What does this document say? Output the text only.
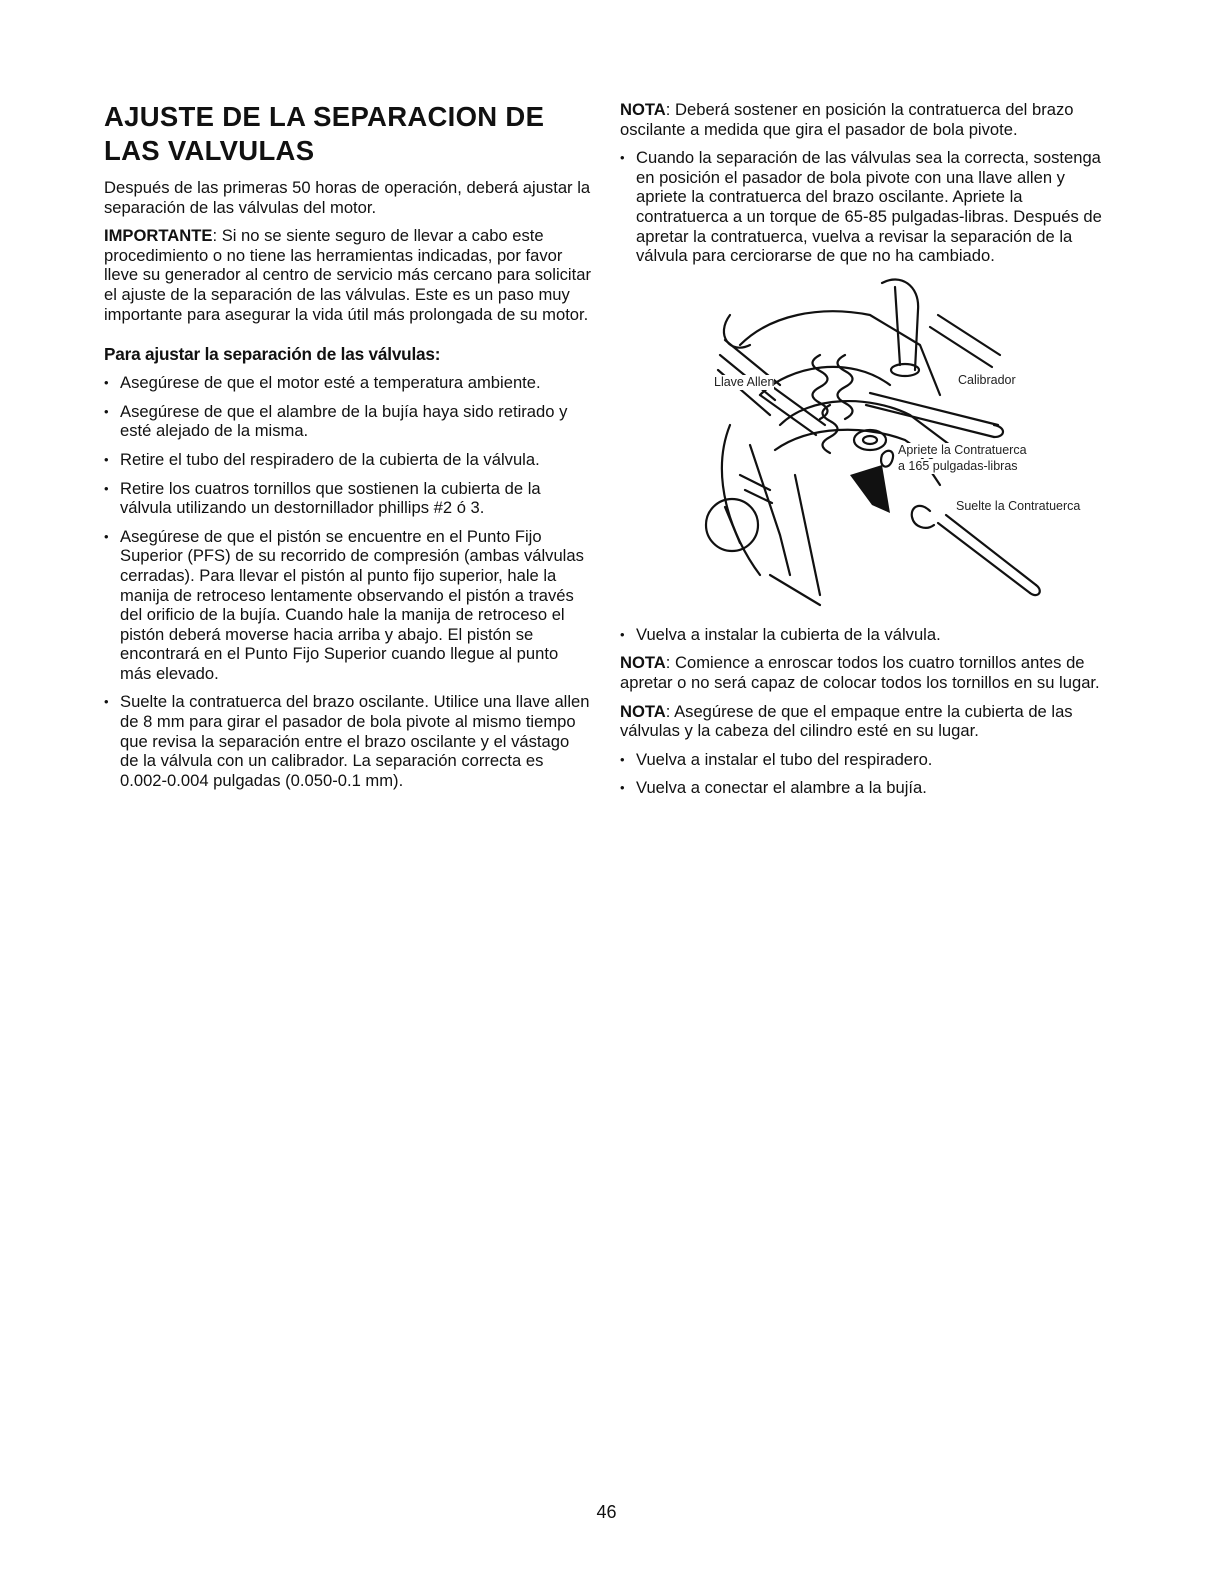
AJUSTE DE LA SEPARACION DE
LAS VALVULAS

Después de las primeras 50 horas de operación, deberá ajustar la separación de las válvulas del motor.

IMPORTANTE: Si no se siente seguro de llevar a cabo este procedimiento o no tiene las herramientas indicadas, por favor lleve su generador al centro de servicio más cercano para solicitar el ajuste de la separación de las válvulas. Este es un paso muy importante para asegurar la vida útil más prolongada de su motor.

Para ajustar la separación de las válvulas:
• Asegúrese de que el motor esté a temperatura ambiente.
• Asegúrese de que el alambre de la bujía haya sido retirado y esté alejado de la misma.
• Retire el tubo del respiradero de la cubierta de la válvula.
• Retire los cuatros tornillos que sostienen la cubierta de la válvula utilizando un destornillador phillips #2 ó 3.
• Asegúrese de que el pistón se encuentre en el Punto Fijo Superior (PFS) de su recorrido de compresión (ambas válvulas cerradas). Para llevar el pistón al punto fijo superior, hale la manija de retroceso lentamente observando el pistón a través del orificio de la bujía. Cuando hale la manija de retroceso el pistón deberá moverse hacia arriba y abajo. El pistón se encontrará en el Punto Fijo Superior cuando llegue al punto más elevado.
• Suelte la contratuerca del brazo oscilante. Utilice una llave allen de 8 mm para girar el pasador de bola pivote al mismo tiempo que revisa la separación entre el brazo oscilante y el vástago de la válvula con un calibrador. La separación correcta es 0.002-0.004 pulgadas (0.050-0.1 mm).

NOTA: Deberá sostener en posición la contratuerca del brazo oscilante a medida que gira el pasador de bola pivote.

• Cuando la separación de las válvulas sea la correcta, sostenga en posición el pasador de bola pivote con una llave allen y apriete la contratuerca del brazo oscilante. Apriete la contratuerca a un torque de 65-85 pulgadas-libras. Después de apretar la contratuerca, vuelva a revisar la separación de la válvula para cerciorarse de que no ha cambiado.
Llave Allen	Calibrador
Apriete la Contratuerca
a 165 pulgadas-libras
Suelte la Contratuerca
• Vuelva a instalar la cubierta de la válvula.

NOTA: Comience a enroscar todos los cuatro tornillos antes de apretar o no será capaz de colocar todos los tornillos en su lugar.

NOTA: Asegúrese de que el empaque entre la cubierta de las válvulas y la cabeza del cilindro esté en su lugar.

• Vuelva a instalar el tubo del respiradero.
• Vuelva a conectar el alambre a la bujía.
46
